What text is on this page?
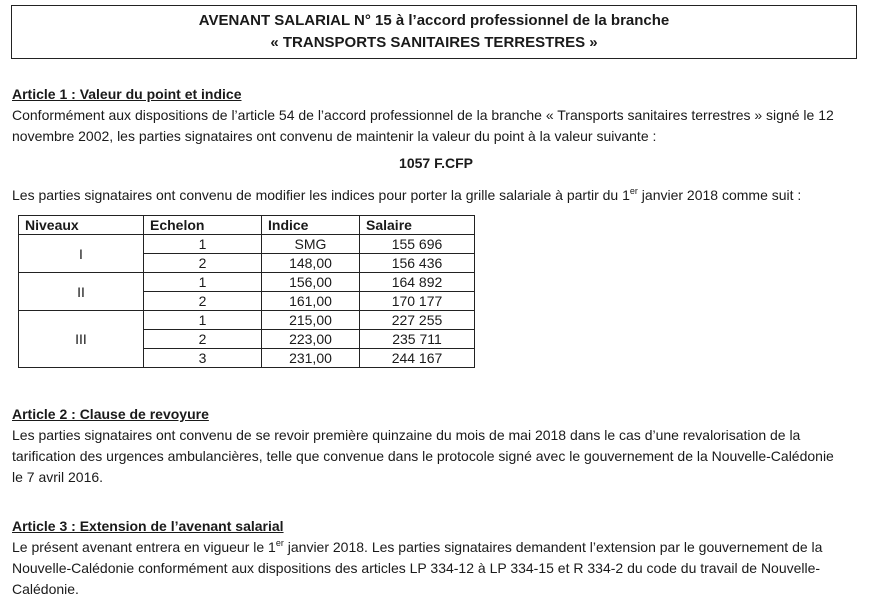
AVENANT SALARIAL N° 15 à l’accord professionnel de la branche
« TRANSPORTS SANITAIRES TERRESTRES »
Article 1 : Valeur du point et indice
Conformément aux dispositions de l’article 54 de l’accord professionnel de la branche « Transports sanitaires terrestres » signé le 12
novembre 2002, les parties signataires ont convenu de maintenir la valeur du point à la valeur suivante :
1057 F.CFP
Les parties signataires ont convenu de modifier les indices pour porter la grille salariale à partir du 1er janvier 2018 comme suit :
Niveaux	Echelon	Indice	Salaire
I	1	SMG	155 696
	2	148,00	156 436
II	1	156,00	164 892
	2	161,00	170 177
III	1	215,00	227 255
	2	223,00	235 711
	3	231,00	244 167
Article 2 : Clause de revoyure
Les parties signataires ont convenu de se revoir première quinzaine du mois de mai 2018 dans le cas d’une revalorisation de la
tarification des urgences ambulancières, telle que convenue dans le protocole signé avec le gouvernement de la Nouvelle-Calédonie
le 7 avril 2016.
Article 3 : Extension de l’avenant salarial
Le présent avenant entrera en vigueur le 1er janvier 2018. Les parties signataires demandent l’extension par le gouvernement de la
Nouvelle-Calédonie conformément aux dispositions des articles LP 334-12 à LP 334-15 et R 334-2 du code du travail de Nouvelle-
Calédonie.
